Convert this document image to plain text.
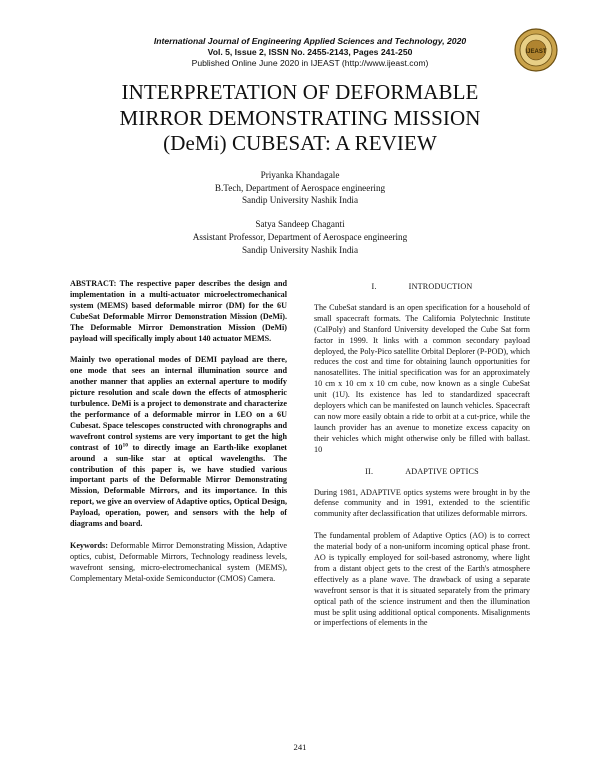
International Journal of Engineering Applied Sciences and Technology, 2020
Vol. 5, Issue 2, ISSN No. 2455-2143, Pages 241-250
Published Online June 2020 in IJEAST (http://www.ijeast.com)
IJEAST
INTERPRETATION OF DEFORMABLE
MIRROR DEMONSTRATING MISSION
(DeMi) CUBESAT: A REVIEW
Priyanka Khandagale
B.Tech, Department of Aerospace engineering
Sandip University Nashik India
Satya Sandeep Chaganti
Assistant Professor, Department of Aerospace engineering
Sandip University Nashik India

ABSTRACT: The respective paper describes the design and implementation in a multi-actuator microelectromechanical system (MEMS) based deformable mirror (DM) for the 6U CubeSat Deformable Mirror Demonstration Mission (DeMi). The Deformable Mirror Demonstration Mission (DeMi) payload will specifically imply about 140 actuator MEMS.

Mainly two operational modes of DEMI payload are there, one mode that sees an internal illumination source and another manner that applies an external aperture to modify picture resolution and scale down the effects of atmospheric turbulence. DeMi is a project to demonstrate and characterize the performance of a deformable mirror in LEO on a 6U Cubesat. Space telescopes constructed with chronographs and wavefront control systems are very important to get the high contrast of $10^{10}$ to directly image an Earth-like exoplanet around a sun-like star at optical wavelengths. The contribution of this paper is, we have studied various important parts of the Deformable Mirror Demonstrating Mission, Deformable Mirrors, and its importance. In this report, we give an overview of Adaptive optics, Optical Design, Payload, operation, power, and sensors with the help of diagrams and board.

Keywords: Deformable Mirror Demonstrating Mission, Adaptive optics, cubist, Deformable Mirrors, Technology readiness levels, wavefront sensing, micro-electromechanical system (MEMS), Complementary Metal-oxide Semiconductor (CMOS) Camera.

I.	INTRODUCTION

The CubeSat standard is an open specification for a household of small spacecraft formats. The California Polytechnic Institute (CalPoly) and Stanford University developed the Cube Sat form factor in 1999. It links with a common secondary payload deployed, the Poly-Pico satellite Orbital Deplorer (P-POD), which reduces the cost and time for obtaining launch opportunities for nanosatellites. The initial specification was for an approximately 10 cm x 10 cm x 10 cm cube, now known as a single CubeSat unit (1U). Its existence has led to standardized spacecraft deployers which can be manifested on launch vehicles. Spacecraft can now more easily obtain a ride to orbit at a cut-price, while the launch provider has an avenue to monetize excess capacity on their vehicles which might otherwise only be filled with ballast. 10

II.	ADAPTIVE OPTICS

During 1981, ADAPTIVE optics systems were brought in by the defense community and in 1991, extended to the scientific community after declassification that utilizes deformable mirrors.

The fundamental problem of Adaptive Optics (AO) is to correct the material body of a non-uniform incoming optical phase front. AO is typically employed for soil-based astronomy, where light from a distant object gets to the crest of the Earth's atmosphere effectively as a plane wave. The drawback of using a separate wavefront sensor is that it is situated separately from the primary optical path of the science instrument and then the illumination must be split using additional optical components. Misalignments or imperfections of elements in the

241
